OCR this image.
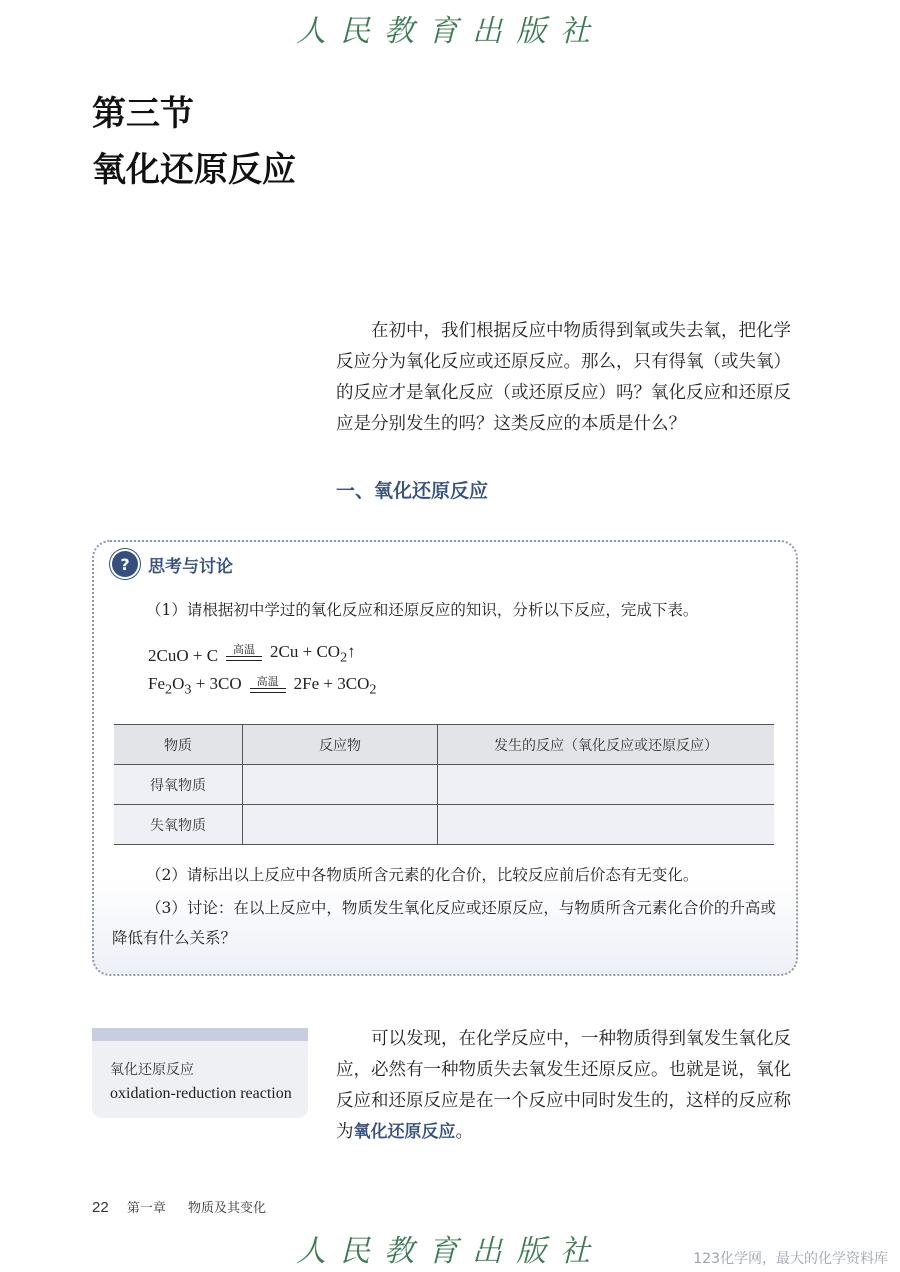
人民教育出版社
第三节
氧化还原反应

在初中，我们根据反应中物质得到氧或失去氧，把化学反应分为氧化反应或还原反应。那么，只有得氧（或失氧）的反应才是氧化反应（或还原反应）吗？氧化反应和还原反应是分别发生的吗？这类反应的本质是什么？

一、氧化还原反应
?	思考与讨论

（1）请根据初中学过的氧化反应和还原反应的知识，分析以下反应，完成下表。

2CuO + C 高温 $2Cu + CO_2↑$
$Fe_2O_3 + 3CO$ 高温 $2Fe + 3CO_2$
物质	反应物	发生的反应（氧化反应或还原反应）
得氧物质		
失氧物质		

（2）请标出以上反应中各物质所含元素的化合价，比较反应前后价态有无变化。

（3）讨论：在以上反应中，物质发生氧化反应或还原反应，与物质所含元素化合价的升高或降低有什么关系？

氧化还原反应
oxidation-reduction reaction

可以发现，在化学反应中，一种物质得到氧发生氧化反应，必然有一种物质失去氧发生还原反应。也就是说，氧化反应和还原反应是在一个反应中同时发生的，这样的反应称为氧化还原反应。

22 第一章 物质及其变化
人民教育出版社	123化学网，最大的化学资料库
